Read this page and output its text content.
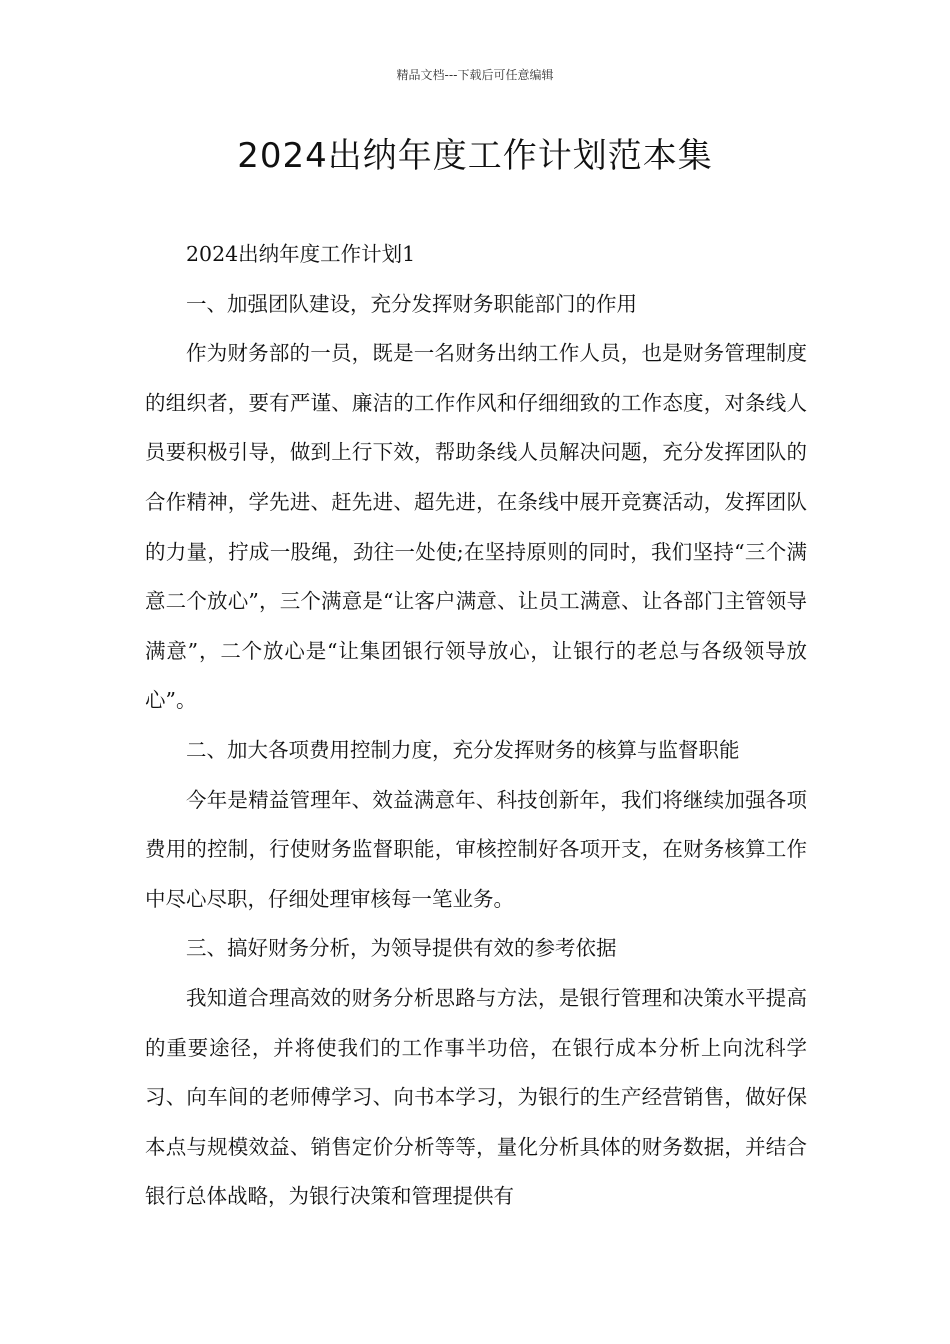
精品文档---下载后可任意编辑
2024出纳年度工作计划范本集

2024出纳年度工作计划1

一、加强团队建设，充分发挥财务职能部门的作用

作为财务部的一员，既是一名财务出纳工作人员，也是财务管理制度的组织者，要有严谨、廉洁的工作作风和仔细细致的工作态度，对条线人员要积极引导，做到上行下效，帮助条线人员解决问题，充分发挥团队的合作精神，学先进、赶先进、超先进，在条线中展开竞赛活动，发挥团队的力量，拧成一股绳，劲往一处使;在坚持原则的同时，我们坚持“三个满意二个放心”，三个满意是“让客户满意、让员工满意、让各部门主管领导满意”，二个放心是“让集团银行领导放心，让银行的老总与各级领导放心”。

二、加大各项费用控制力度，充分发挥财务的核算与监督职能

今年是精益管理年、效益满意年、科技创新年，我们将继续加强各项费用的控制，行使财务监督职能，审核控制好各项开支，在财务核算工作中尽心尽职，仔细处理审核每一笔业务。

三、搞好财务分析，为领导提供有效的参考依据

我知道合理高效的财务分析思路与方法，是银行管理和决策水平提高的重要途径，并将使我们的工作事半功倍，在银行成本分析上向沈科学习、向车间的老师傅学习、向书本学习，为银行的生产经营销售，做好保本点与规模效益、销售定价分析等等，量化分析具体的财务数据，并结合银行总体战略，为银行决策和管理提供有
